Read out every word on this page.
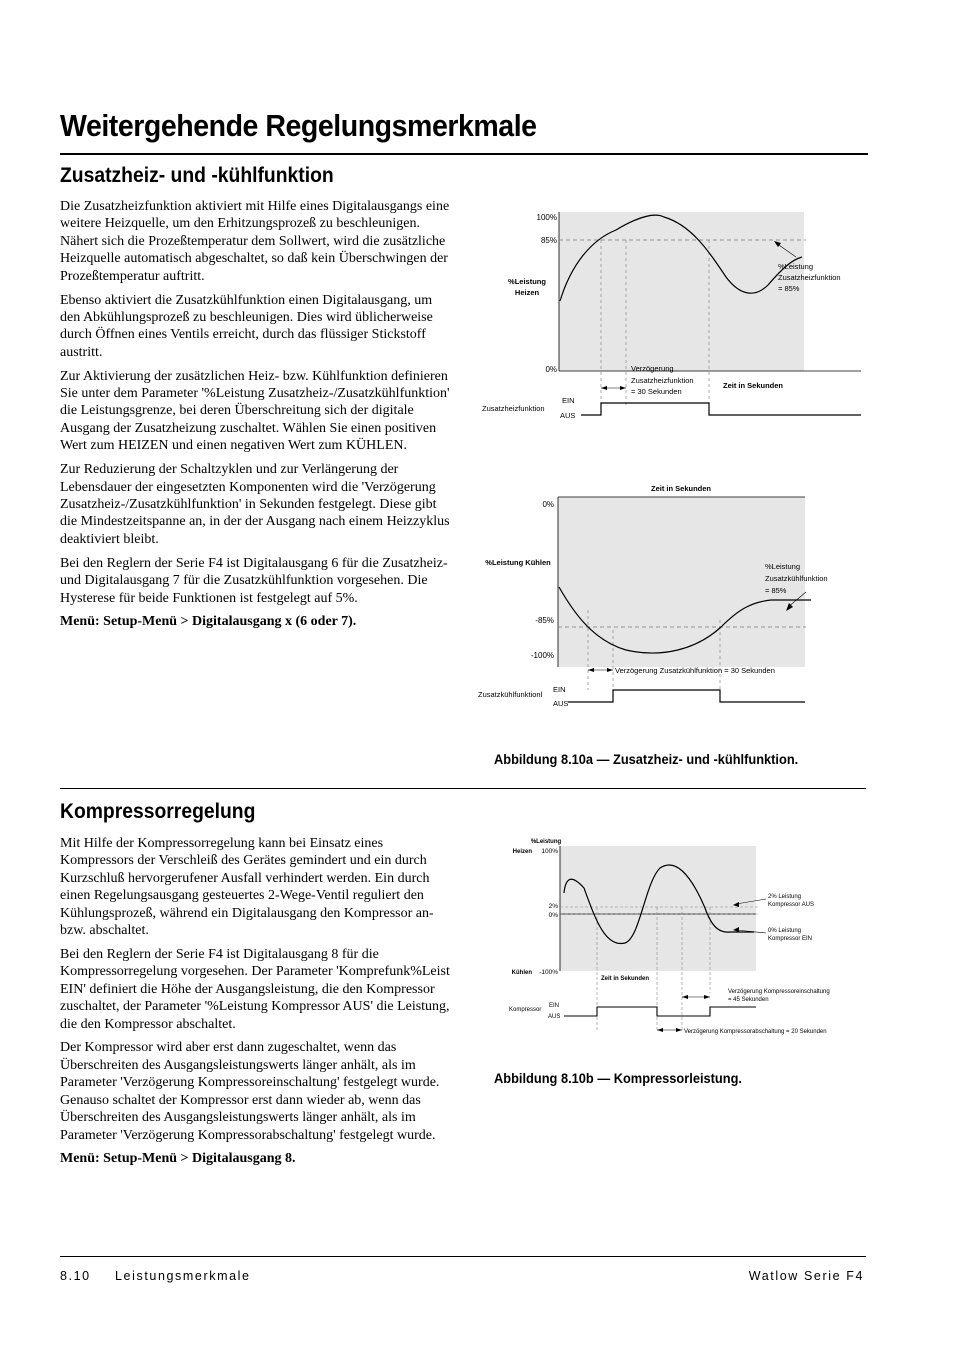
Weitergehende Regelungsmerkmale
Zusatzheiz- und -kühlfunktion

Die Zusatzheizfunktion aktiviert mit Hilfe eines Digitalausgangs eine weitere Heizquelle, um den Erhitzungsprozeß zu beschleunigen. Nähert sich die Prozeßtemperatur dem Sollwert, wird die zusätzliche Heizquelle automatisch abgeschaltet, so daß kein Überschwingen der Prozeßtemperatur auftritt.

Ebenso aktiviert die Zusatzkühlfunktion einen Digitalausgang, um den Abkühlungsprozeß zu beschleunigen. Dies wird üblicherweise durch Öffnen eines Ventils erreicht, durch das flüssiger Stickstoff austritt.

Zur Aktivierung der zusätzlichen Heiz- bzw. Kühlfunktion definieren Sie unter dem Parameter '%Leistung Zusatzheiz-/Zusatzkühlfunktion' die Leistungsgrenze, bei deren Überschreitung sich der digitale Ausgang der Zusatzheizung zuschaltet. Wählen Sie einen positiven Wert zum HEIZEN und einen negativen Wert zum KÜHLEN.

Zur Reduzierung der Schaltzyklen und zur Verlängerung der Lebensdauer der eingesetzten Komponenten wird die 'Verzögerung Zusatzheiz-/Zusatzkühlfunktion' in Sekunden festgelegt. Diese gibt die Mindestzeitspanne an, in der der Ausgang nach einem Heizzyklus deaktiviert bleibt.

Bei den Reglern der Serie F4 ist Digitalausgang 6 für die Zusatzheiz- und Digitalausgang 7 für die Zusatzkühlfunktion vorgesehen. Die Hysterese für beide Funktionen ist festgelegt auf 5%.

Menü: Setup-Menü > Digitalausgang x (6 oder 7).

100%
85%
0%
%Leistung
Heizen
%Leistung
Zusatzheizfunktion
= 85%
Verzögerung
Zusatzheizfunktion
= 30 Sekunden
Zeit in Sekunden
Zusatzheizfunktion
EIN
AUS
Zeit in Sekunden
0%
-85%
-100%
%Leistung Kühlen	%Leistung
Zusatzkühlfunktion
= 85%
Verzögerung Zusatzkühlfunktion = 30 Sekunden
Zusatzkühlfunktionl
EIN
AUS
Abbildung 8.10a — Zusatzheiz- und -kühlfunktion.
Kompressorregelung

Mit Hilfe der Kompressorregelung kann bei Einsatz eines Kompressors der Verschleiß des Gerätes gemindert und ein durch Kurzschluß hervorgerufener Ausfall verhindert werden. Ein durch einen Regelungsausgang gesteuertes 2-Wege-Ventil reguliert den Kühlungsprozeß, während ein Digitalausgang den Kompressor an- bzw. abschaltet.

Bei den Reglern der Serie F4 ist Digitalausgang 8 für die Kompressorregelung vorgesehen. Der Parameter 'Komprefunk%Leist EIN' definiert die Höhe der Ausgangsleistung, die den Kompressor zuschaltet, der Parameter '%Leistung Kompressor AUS' die Leistung, die den Kompressor abschaltet.

Der Kompressor wird aber erst dann zugeschaltet, wenn das Überschreiten des Ausgangsleistungswerts länger anhält, als im Parameter 'Verzögerung Kompressoreinschaltung' festgelegt wurde. Genauso schaltet der Kompressor erst dann wieder ab, wenn das Überschreiten des Ausgangsleistungswerts länger anhält, als im Parameter 'Verzögerung Kompressorabschaltung' festgelegt wurde.

Menü: Setup-Menü > Digitalausgang 8.

%Leistung
Heizen 100%
2%
0%
Kühlen -100%
Zeit in Sekunden
2% Leistung
Kompressor AUS
0% Leistung
Kompressor EIN
Verzögerung Kompressoreinschaltung
= 45 Sekunden
Kompressor
EIN
AUS
Verzögerung Kompressorabschaltung = 20 Sekunden
Abbildung 8.10b — Kompressorleistung.
8.10 Leistungsmerkmale	Watlow Serie F4
